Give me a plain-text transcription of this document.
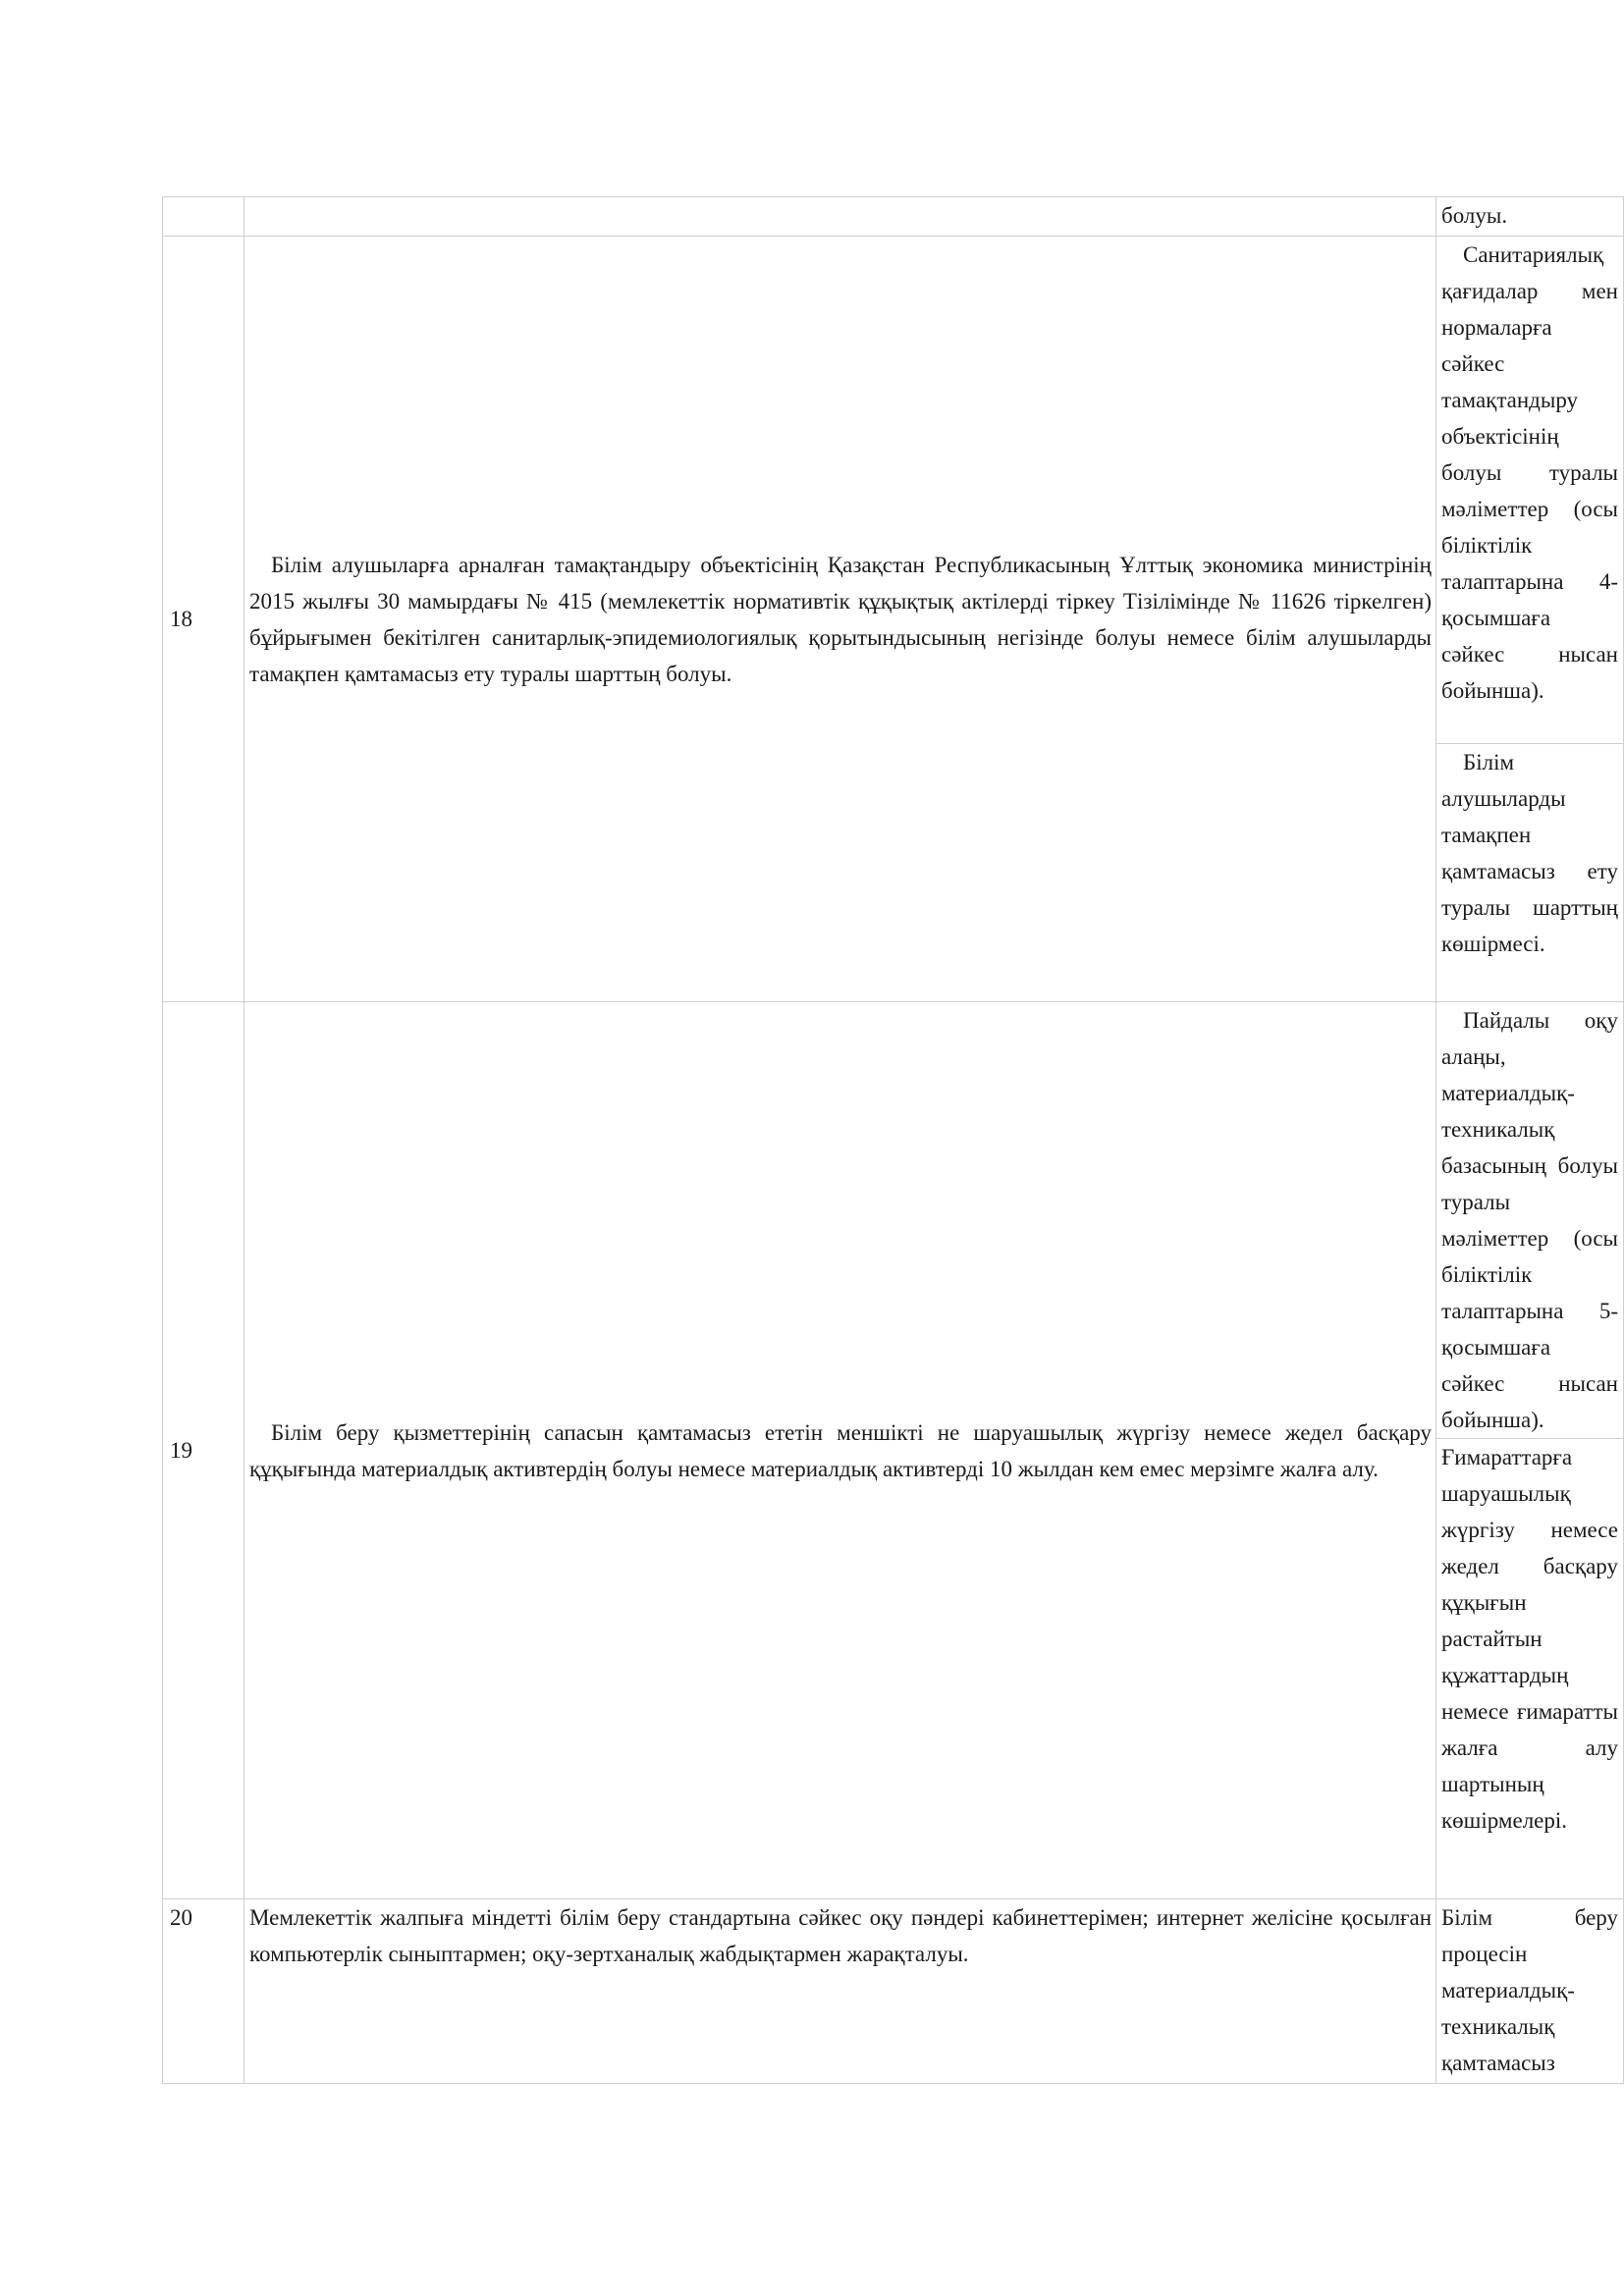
		болуы.
18	Білім алушыларға арналған тамақтандыру объектісінің Қазақстан Республикасының Ұлттық экономика министрінің 2015 жылғы 30 мамырдағы № 415 (мемлекеттік нормативтік құқықтық актілерді тіркеу Тізілімінде № 11626 тіркелген) бұйрығымен бекітілген санитарлық-эпидемиологиялық қорытындысының негізінде болуы немесе білім алушыларды тамақпен қамтамасыз ету туралы шарттың болуы.	Санитариялық қағидалар мен нормаларға сәйкес тамақтандыру объектісінің болуы туралы мәліметтер (осы біліктілік талаптарына 4-қосымшаға сәйкес нысан бойынша).

		Білім алушыларды тамақпен қамтамасыз ету туралы шарттың көшірмесі.

19	Білім беру қызметтерінің сапасын қамтамасыз ететін меншікті не шаруашылық жүргізу немесе жедел басқару құқығында материалдық активтердің болуы немесе материалдық активтерді 10 жылдан кем емес мерзімге жалға алу.	Пайдалы оқу алаңы, материалдық-техникалық базасының болуы туралы мәліметтер (осы біліктілік талаптарына 5-қосымшаға сәйкес нысан бойынша).

		Ғимараттарға шаруашылық жүргізу немесе жедел басқару құқығын растайтын құжаттардың немесе ғимаратты жалға алу шартының көшірмелері.
20	Мемлекеттік жалпыға міндетті білім беру стандартына сәйкес оқу пәндері кабинеттерімен; интернет желісіне қосылған компьютерлік сыныптармен; оқу-зертханалық жабдықтармен жарақталуы.	Білім беру процесін материалдық-техникалық қамтамасыз
